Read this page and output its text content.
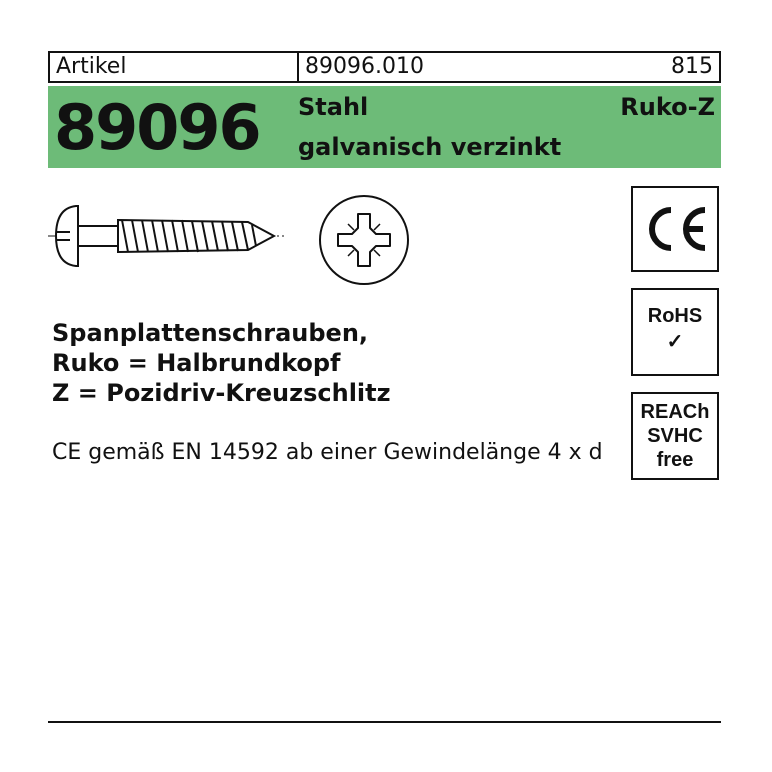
Artikel	89096.010	815
89096 Stahl
galvanisch verzinkt
Ruko-Z
RoHS
✓
REACh
SVHC
free
Spanplattenschrauben,
Ruko = Halbrundkopf
Z = Pozidriv-Kreuzschlitz
CE gemäß EN 14592 ab einer Gewindelänge 4 x d
